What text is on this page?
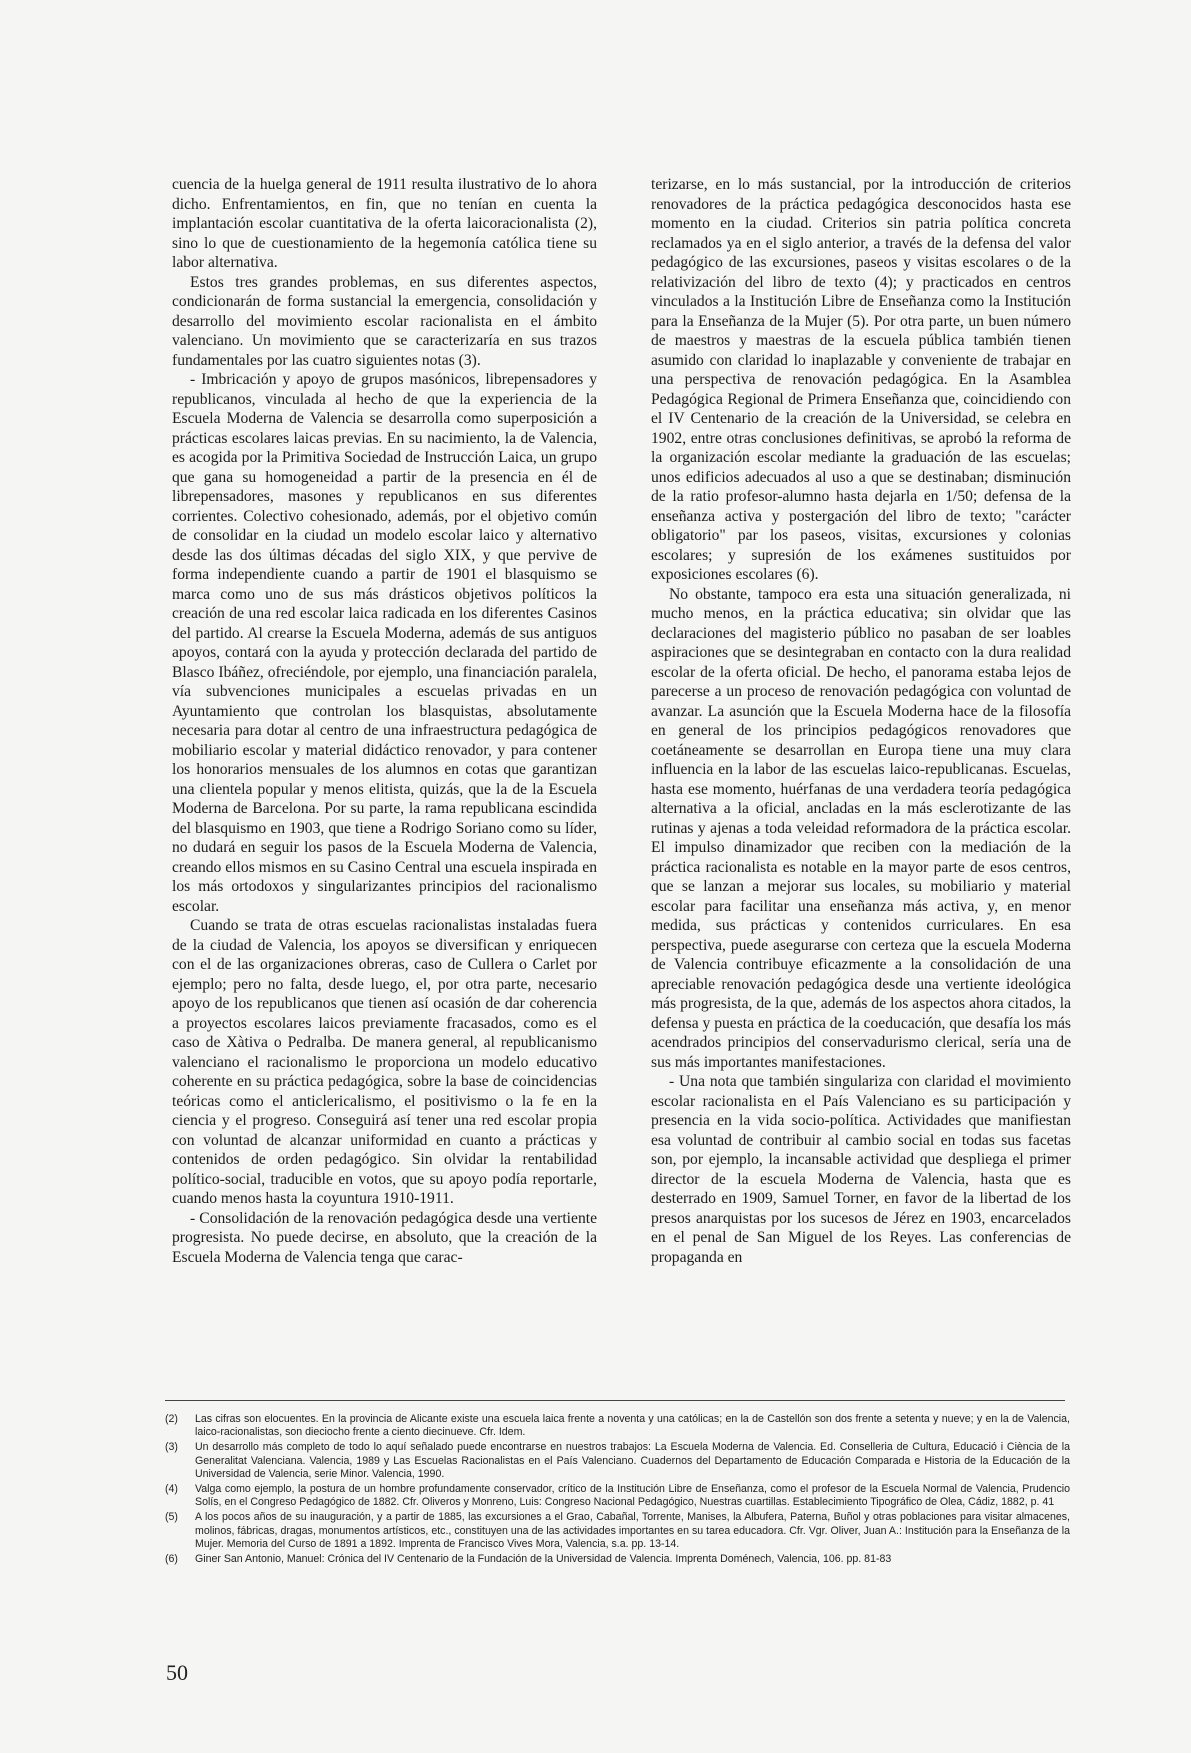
cuencia de la huelga general de 1911 resulta ilustrativo de lo ahora dicho. Enfrentamientos, en fin, que no tenían en cuenta la implantación escolar cuantitativa de la oferta laicoracionalista (2), sino lo que de cuestionamiento de la hegemonía católica tiene su labor alternativa.

Estos tres grandes problemas, en sus diferentes aspectos, condicionarán de forma sustancial la emergencia, consolidación y desarrollo del movimiento escolar racionalista en el ámbito valenciano. Un movimiento que se caracterizaría en sus trazos fundamentales por las cuatro siguientes notas (3).

- Imbricación y apoyo de grupos masónicos, librepensadores y republicanos, vinculada al hecho de que la experiencia de la Escuela Moderna de Valencia se desarrolla como superposición a prácticas escolares laicas previas. En su nacimiento, la de Valencia, es acogida por la Primitiva Sociedad de Instrucción Laica, un grupo que gana su homogeneidad a partir de la presencia en él de librepensadores, masones y republicanos en sus diferentes corrientes. Colectivo cohesionado, además, por el objetivo común de consolidar en la ciudad un modelo escolar laico y alternativo desde las dos últimas décadas del siglo XIX, y que pervive de forma independiente cuando a partir de 1901 el blasquismo se marca como uno de sus más drásticos objetivos políticos la creación de una red escolar laica radicada en los diferentes Casinos del partido. Al crearse la Escuela Moderna, además de sus antiguos apoyos, contará con la ayuda y protección declarada del partido de Blasco Ibáñez, ofreciéndole, por ejemplo, una financiación paralela, vía subvenciones municipales a escuelas privadas en un Ayuntamiento que controlan los blasquistas, absolutamente necesaria para dotar al centro de una infraestructura pedagógica de mobiliario escolar y material didáctico renovador, y para contener los honorarios mensuales de los alumnos en cotas que garantizan una clientela popular y menos elitista, quizás, que la de la Escuela Moderna de Barcelona. Por su parte, la rama republicana escindida del blasquismo en 1903, que tiene a Rodrigo Soriano como su líder, no dudará en seguir los pasos de la Escuela Moderna de Valencia, creando ellos mismos en su Casino Central una escuela inspirada en los más ortodoxos y singularizantes principios del racionalismo escolar.

Cuando se trata de otras escuelas racionalistas instaladas fuera de la ciudad de Valencia, los apoyos se diversifican y enriquecen con el de las organizaciones obreras, caso de Cullera o Carlet por ejemplo; pero no falta, desde luego, el, por otra parte, necesario apoyo de los republicanos que tienen así ocasión de dar coherencia a proyectos escolares laicos previamente fracasados, como es el caso de Xàtiva o Pedralba. De manera general, al republicanismo valenciano el racionalismo le proporciona un modelo educativo coherente en su práctica pedagógica, sobre la base de coincidencias teóricas como el anticlericalismo, el positivismo o la fe en la ciencia y el progreso. Conseguirá así tener una red escolar propia con voluntad de alcanzar uniformidad en cuanto a prácticas y contenidos de orden pedagógico. Sin olvidar la rentabilidad político-social, traducible en votos, que su apoyo podía reportarle, cuando menos hasta la coyuntura 1910-1911.

- Consolidación de la renovación pedagógica desde una vertiente progresista. No puede decirse, en absoluto, que la creación de la Escuela Moderna de Valencia tenga que carac-

terizarse, en lo más sustancial, por la introducción de criterios renovadores de la práctica pedagógica desconocidos hasta ese momento en la ciudad. Criterios sin patria política concreta reclamados ya en el siglo anterior, a través de la defensa del valor pedagógico de las excursiones, paseos y visitas escolares o de la relativización del libro de texto (4); y practicados en centros vinculados a la Institución Libre de Enseñanza como la Institución para la Enseñanza de la Mujer (5). Por otra parte, un buen número de maestros y maestras de la escuela pública también tienen asumido con claridad lo inaplazable y conveniente de trabajar en una perspectiva de renovación pedagógica. En la Asamblea Pedagógica Regional de Primera Enseñanza que, coincidiendo con el IV Centenario de la creación de la Universidad, se celebra en 1902, entre otras conclusiones definitivas, se aprobó la reforma de la organización escolar mediante la graduación de las escuelas; unos edificios adecuados al uso a que se destinaban; disminución de la ratio profesor-alumno hasta dejarla en 1/50; defensa de la enseñanza activa y postergación del libro de texto; "carácter obligatorio" par los paseos, visitas, excursiones y colonias escolares; y supresión de los exámenes sustituidos por exposiciones escolares (6).

No obstante, tampoco era esta una situación generalizada, ni mucho menos, en la práctica educativa; sin olvidar que las declaraciones del magisterio público no pasaban de ser loables aspiraciones que se desintegraban en contacto con la dura realidad escolar de la oferta oficial. De hecho, el panorama estaba lejos de parecerse a un proceso de renovación pedagógica con voluntad de avanzar. La asunción que la Escuela Moderna hace de la filosofía en general de los principios pedagógicos renovadores que coetáneamente se desarrollan en Europa tiene una muy clara influencia en la labor de las escuelas laico-republicanas. Escuelas, hasta ese momento, huérfanas de una verdadera teoría pedagógica alternativa a la oficial, ancladas en la más esclerotizante de las rutinas y ajenas a toda veleidad reformadora de la práctica escolar. El impulso dinamizador que reciben con la mediación de la práctica racionalista es notable en la mayor parte de esos centros, que se lanzan a mejorar sus locales, su mobiliario y material escolar para facilitar una enseñanza más activa, y, en menor medida, sus prácticas y contenidos curriculares. En esa perspectiva, puede asegurarse con certeza que la escuela Moderna de Valencia contribuye eficazmente a la consolidación de una apreciable renovación pedagógica desde una vertiente ideológica más progresista, de la que, además de los aspectos ahora citados, la defensa y puesta en práctica de la coeducación, que desafía los más acendrados principios del conservadurismo clerical, sería una de sus más importantes manifestaciones.

- Una nota que también singulariza con claridad el movimiento escolar racionalista en el País Valenciano es su participación y presencia en la vida socio-política. Actividades que manifiestan esa voluntad de contribuir al cambio social en todas sus facetas son, por ejemplo, la incansable actividad que despliega el primer director de la escuela Moderna de Valencia, hasta que es desterrado en 1909, Samuel Torner, en favor de la libertad de los presos anarquistas por los sucesos de Jérez en 1903, encarcelados en el penal de San Miguel de los Reyes. Las conferencias de propaganda en

(2)	Las cifras son elocuentes. En la provincia de Alicante existe una escuela laica frente a noventa y una católicas; en la de Castellón son dos frente a setenta y nueve; y en la de Valencia, laico-racionalistas, son dieciocho frente a ciento diecinueve. Cfr. Idem.
(3)	Un desarrollo más completo de todo lo aquí señalado puede encontrarse en nuestros trabajos: La Escuela Moderna de Valencia. Ed. Conselleria de Cultura, Educació i Ciència de la Generalitat Valenciana. Valencia, 1989 y Las Escuelas Racionalistas en el País Valenciano. Cuadernos del Departamento de Educación Comparada e Historia de la Educación de la Universidad de Valencia, serie Minor. Valencia, 1990.
(4)	Valga como ejemplo, la postura de un hombre profundamente conservador, crítico de la Institución Libre de Enseñanza, como el profesor de la Escuela Normal de Valencia, Prudencio Solís, en el Congreso Pedagógico de 1882. Cfr. Oliveros y Monreno, Luis: Congreso Nacional Pedagógico, Nuestras cuartillas. Establecimiento Tipográfico de Olea, Cádiz, 1882, p. 41
(5)	A los pocos años de su inauguración, y a partir de 1885, las excursiones a el Grao, Cabañal, Torrente, Manises, la Albufera, Paterna, Buñol y otras poblaciones para visitar almacenes, molinos, fábricas, dragas, monumentos artísticos, etc., constituyen una de las actividades importantes en su tarea educadora. Cfr. Vgr. Oliver, Juan A.: Institución para la Enseñanza de la Mujer. Memoria del Curso de 1891 a 1892. Imprenta de Francisco Vives Mora, Valencia, s.a. pp. 13-14.
(6)	Giner San Antonio, Manuel: Crónica del IV Centenario de la Fundación de la Universidad de Valencia. Imprenta Doménech, Valencia, 106. pp. 81-83
50
